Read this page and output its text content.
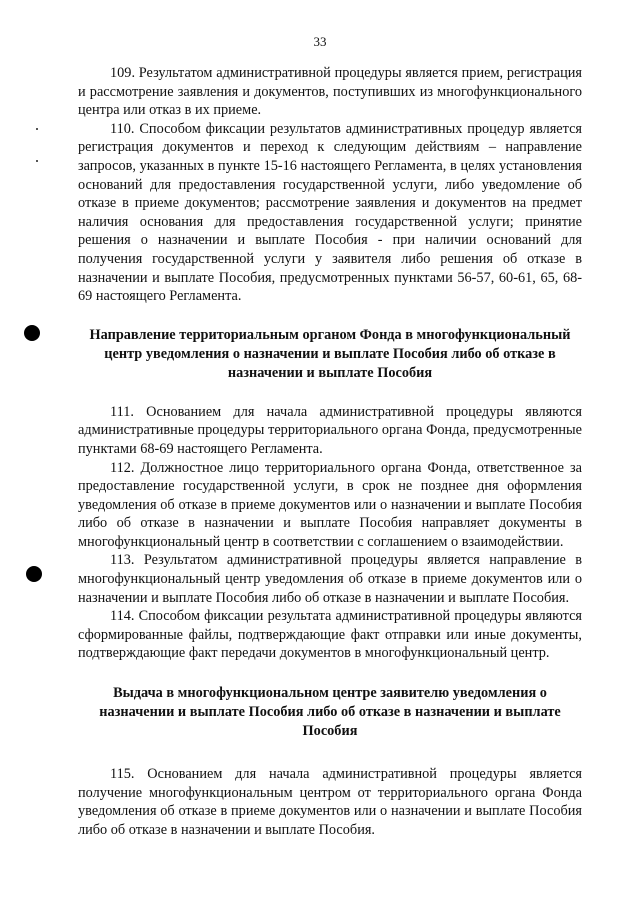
33

109. Результатом административной процедуры является прием, регистрация и рассмотрение заявления и документов, поступивших из многофункционального центра или отказ в их приеме.

110. Способом фиксации результатов административных процедур является регистрация документов и переход к следующим действиям – направление запросов, указанных в пункте 15-16 настоящего Регламента, в целях установления оснований для предоставления государственной услуги, либо уведомление об отказе в приеме документов; рассмотрение заявления и документов на предмет наличия основания для предоставления государственной услуги; принятие решения о назначении и выплате Пособия - при наличии оснований для получения государственной услуги у заявителя либо решения об отказе в назначении и выплате Пособия, предусмотренных пунктами 56-57, 60-61, 65, 68-69 настоящего Регламента.

Направление территориальным органом Фонда в многофункциональный центр уведомления о назначении и выплате Пособия либо об отказе в назначении и выплате Пособия

111. Основанием для начала административной процедуры являются административные процедуры территориального органа Фонда, предусмотренные пунктами 68-69 настоящего Регламента.

112. Должностное лицо территориального органа Фонда, ответственное за предоставление государственной услуги, в срок не позднее дня оформления уведомления об отказе в приеме документов или о назначении и выплате Пособия либо об отказе в назначении и выплате Пособия направляет документы в многофункциональный центр в соответствии с соглашением о взаимодействии.

113. Результатом административной процедуры является направление в многофункциональный центр уведомления об отказе в приеме документов или о назначении и выплате Пособия либо об отказе в назначении и выплате Пособия.

114. Способом фиксации результата административной процедуры являются сформированные файлы, подтверждающие факт отправки или иные документы, подтверждающие факт передачи документов в многофункциональный центр.

Выдача в многофункциональном центре заявителю уведомления о назначении и выплате Пособия либо об отказе в назначении и выплате Пособия

115. Основанием для начала административной процедуры является получение многофункциональным центром от территориального органа Фонда уведомления об отказе в приеме документов или о назначении и выплате Пособия либо об отказе в назначении и выплате Пособия.
